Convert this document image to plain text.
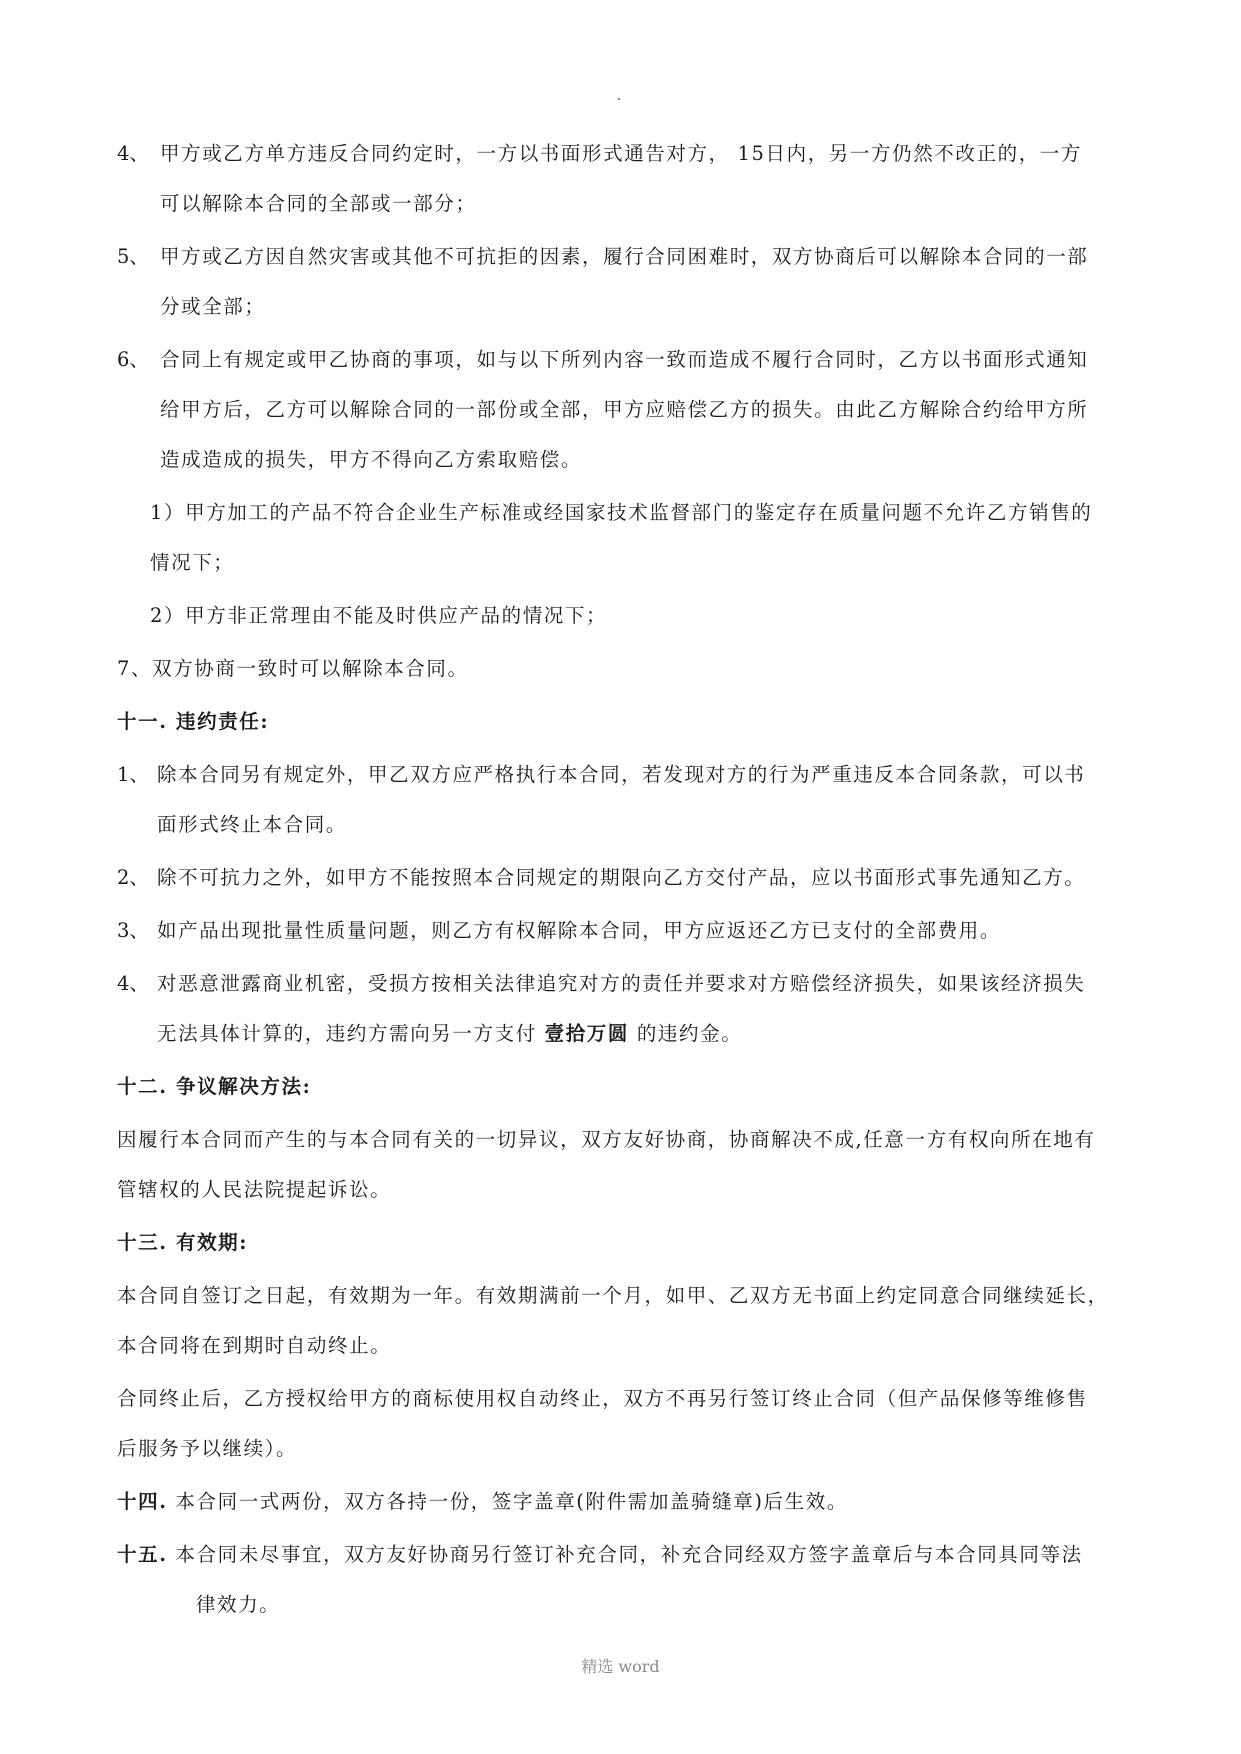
4、 甲方或乙方单方违反合同约定时，一方以书面形式通告对方， 15日内，另一方仍然不改正的，一方
可以解除本合同的全部或一部分；
5、 甲方或乙方因自然灾害或其他不可抗拒的因素，履行合同困难时，双方协商后可以解除本合同的一部
分或全部；
6、 合同上有规定或甲乙协商的事项，如与以下所列内容一致而造成不履行合同时，乙方以书面形式通知
给甲方后，乙方可以解除合同的一部份或全部，甲方应赔偿乙方的损失。由此乙方解除合约给甲方所
造成造成的损失，甲方不得向乙方索取赔偿。
1）甲方加工的产品不符合企业生产标准或经国家技术监督部门的鉴定存在质量问题不允许乙方销售的
情况下；
2）甲方非正常理由不能及时供应产品的情况下；
7、双方协商一致时可以解除本合同。
十一. 违约责任:
1、 除本合同另有规定外，甲乙双方应严格执行本合同，若发现对方的行为严重违反本合同条款，可以书
面形式终止本合同。
2、 除不可抗力之外，如甲方不能按照本合同规定的期限向乙方交付产品，应以书面形式事先通知乙方。
3、 如产品出现批量性质量问题，则乙方有权解除本合同，甲方应返还乙方已支付的全部费用。
4、 对恶意泄露商业机密，受损方按相关法律追究对方的责任并要求对方赔偿经济损失，如果该经济损失
无法具体计算的，违约方需向另一方支付 壹拾万圆 的违约金。
十二. 争议解决方法:
因履行本合同而产生的与本合同有关的一切异议，双方友好协商，协商解决不成,任意一方有权向所在地有
管辖权的人民法院提起诉讼。
十三. 有效期:
本合同自签订之日起，有效期为一年。有效期满前一个月，如甲、乙双方无书面上约定同意合同继续延长，
本合同将在到期时自动终止。
合同终止后，乙方授权给甲方的商标使用权自动终止，双方不再另行签订终止合同（但产品保修等维修售
后服务予以继续）。
十四. 本合同一式两份，双方各持一份，签字盖章(附件需加盖骑缝章)后生效。
十五. 本合同未尽事宜，双方友好协商另行签订补充合同，补充合同经双方签字盖章后与本合同具同等法
律效力。
精选 word
